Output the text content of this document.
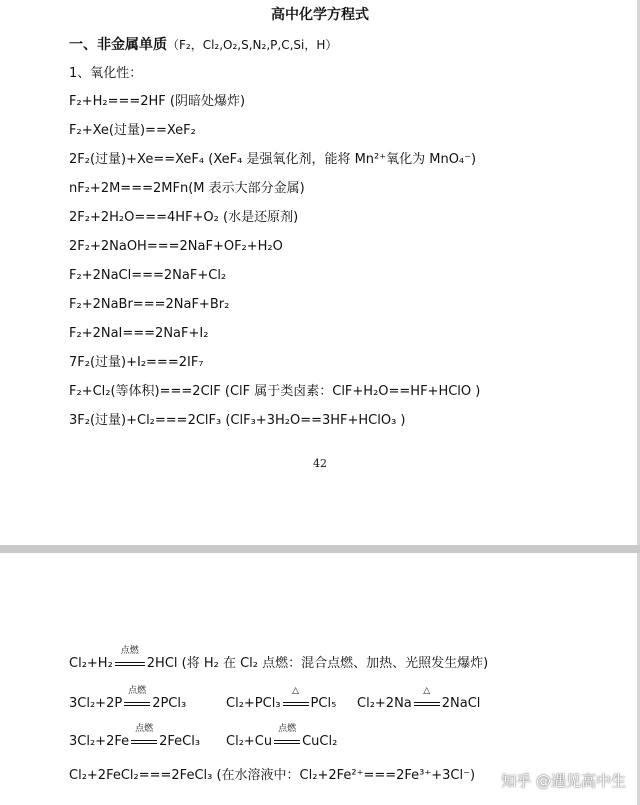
高中化学方程式
一、非金属单质（F₂，Cl₂,O₂,S,N₂,P,C,Si，H）
1、氧化性：
F₂+H₂===2HF (阴暗处爆炸)
F₂+Xe(过量)==XeF₂
2F₂(过量)+Xe==XeF₄ (XeF₄ 是强氧化剂，能将 Mn²⁺氧化为 MnO₄⁻)
nF₂+2M===2MFn(M 表示大部分金属)
2F₂+2H₂O===4HF+O₂ (水是还原剂)
2F₂+2NaOH===2NaF+OF₂+H₂O
F₂+2NaCl===2NaF+Cl₂
F₂+2NaBr===2NaF+Br₂
F₂+2NaI===2NaF+I₂
7F₂(过量)+I₂===2IF₇
F₂+Cl₂(等体积)===2ClF (ClF 属于类卤素：ClF+H₂O==HF+HClO )
3F₂(过量)+Cl₂===2ClF₃ (ClF₃+3H₂O==3HF+HClO₃ )
42
Cl₂+H₂
点燃
2HCl (将 H₂ 在 Cl₂ 点燃：混合点燃、加热、光照发生爆炸)
3Cl₂+2P
点燃
2PCl₃	Cl₂+PCl₃
△
PCl₅ Cl₂+2Na
△
2NaCl
3Cl₂+2Fe
点燃
2FeCl₃ Cl₂+Cu
点燃
CuCl₂
Cl₂+2FeCl₂===2FeCl₃ (在水溶液中：Cl₂+2Fe²⁺===2Fe³⁺+3Cl⁻) 知乎 @遇见高中生
